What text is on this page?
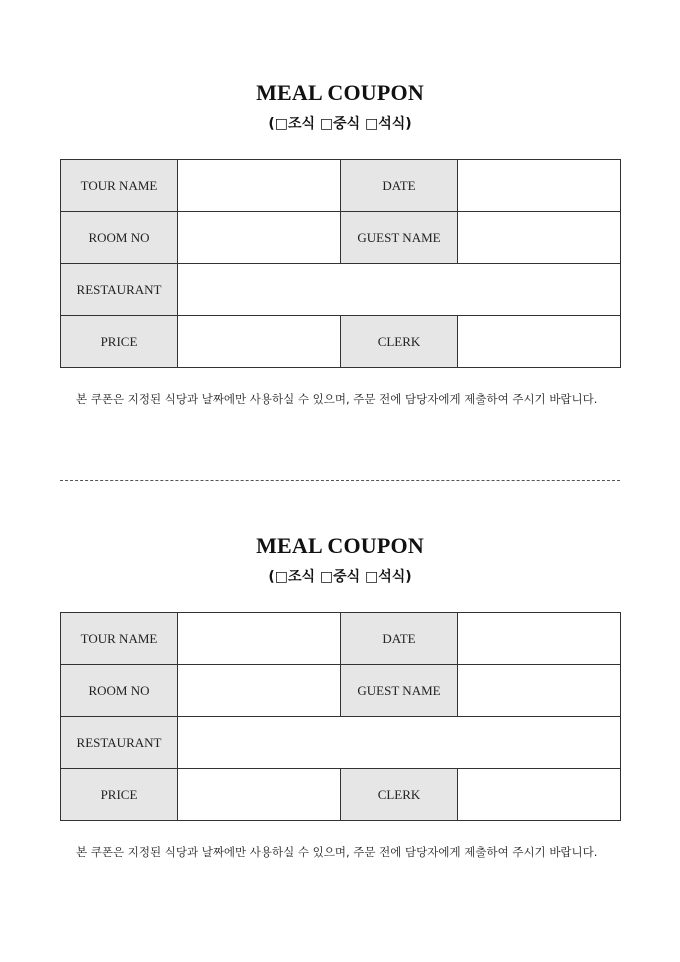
MEAL COUPON
(□조식 □중식 □석식)
TOUR NAME		DATE	
ROOM NO		GUEST NAME	
RESTAURANT			
PRICE		CLERK	
본 쿠폰은 지정된 식당과 날짜에만 사용하실 수 있으며, 주문 전에 담당자에게 제출하여 주시기 바랍니다.
MEAL COUPON
(□조식 □중식 □석식)
TOUR NAME		DATE	
ROOM NO		GUEST NAME	
RESTAURANT			
PRICE		CLERK	
본 쿠폰은 지정된 식당과 날짜에만 사용하실 수 있으며, 주문 전에 담당자에게 제출하여 주시기 바랍니다.
